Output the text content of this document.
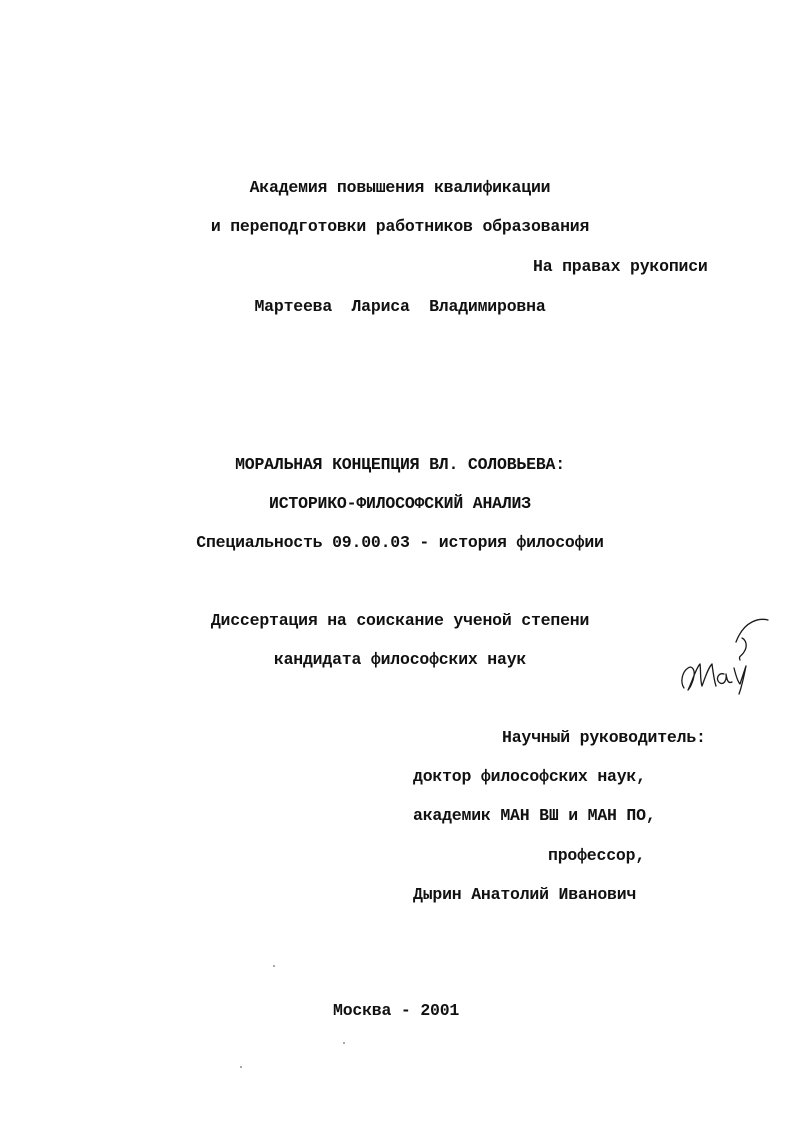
Академия повышения квалификации
и переподготовки работников образования
На правах рукописи
Мартеева  Лариса  Владимировна
МОРАЛЬНАЯ КОНЦЕПЦИЯ ВЛ. СОЛОВЬЕВА:
ИСТОРИКО-ФИЛОСОФСКИЙ АНАЛИЗ
Специальность 09.00.03 - история философии
Диссертация на соискание ученой степени
кандидата философских наук
Научный руководитель:
доктор философских наук,
академик МАН ВШ и МАН ПО,
профессор,
Дырин Анатолий Иванович
Москва - 2001
